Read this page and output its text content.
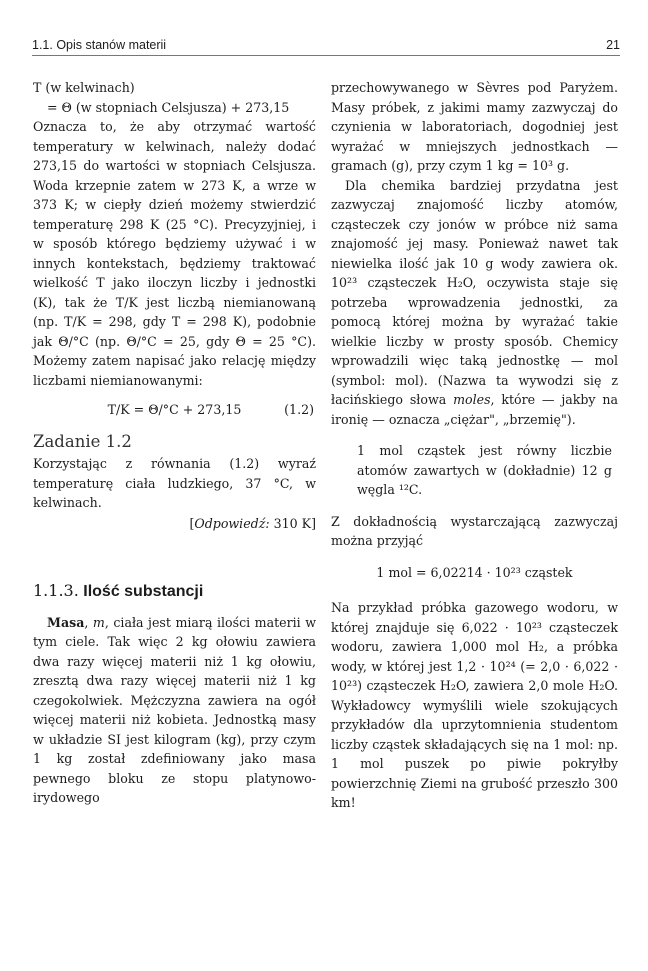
1.1. Opis stanów materii	21

T (w kelwinach)

= Θ (w stopniach Celsjusza) + 273,15

Oznacza to, że aby otrzymać wartość temperatury w kelwinach, należy dodać 273,15 do wartości w stopniach Celsjusza. Woda krzepnie zatem w 273 K, a wrze w 373 K; w ciepły dzień możemy stwierdzić temperaturę 298 K (25 °C). Precyzyjniej, i w sposób którego będziemy używać i w innych kontekstach, będziemy traktować wielkość T jako iloczyn liczby i jednostki (K), tak że T/K jest liczbą niemianowaną (np. T/K = 298, gdy T = 298 K), podobnie jak Θ/°C (np. Θ/°C = 25, gdy Θ = 25 °C). Możemy zatem napisać jako relację między liczbami niemianowanymi:

T/K = Θ/°C + 273,15	(1.2)
Zadanie 1.2

Korzystając z równania (1.2) wyraź temperaturę ciała ludzkiego, 37 °C, w kelwinach.

[Odpowiedź: 310 K]

1.1.3. Ilość substancji

Masa, m, ciała jest miarą ilości materii w tym ciele. Tak więc 2 kg ołowiu zawiera dwa razy więcej materii niż 1 kg ołowiu, zresztą dwa razy więcej materii niż 1 kg czegokolwiek. Mężczyzna zawiera na ogół więcej materii niż kobieta. Jednostką masy w układzie SI jest kilogram (kg), przy czym 1 kg został zdefiniowany jako masa pewnego bloku ze stopu platynowo-irydowego

przechowywanego w Sèvres pod Paryżem. Masy próbek, z jakimi mamy zazwyczaj do czynienia w laboratoriach, dogodniej jest wyrażać w mniejszych jednostkach — gramach (g), przy czym 1 kg = 10³ g.

Dla chemika bardziej przydatna jest zazwyczaj znajomość liczby atomów, cząsteczek czy jonów w próbce niż sama znajomość jej masy. Ponieważ nawet tak niewielka ilość jak 10 g wody zawiera ok. 10²³ cząsteczek H₂O, oczywista staje się potrzeba wprowadzenia jednostki, za pomocą której można by wyrażać takie wielkie liczby w prosty sposób. Chemicy wprowadzili więc taką jednostkę — mol (symbol: mol). (Nazwa ta wywodzi się z łacińskiego słowa moles, które — jakby na ironię — oznacza „ciężar", „brzemię").

1 mol cząstek jest równy liczbie atomów zawartych w (dokładnie) 12 g węgla ¹²C.

Z dokładnością wystarczającą zazwyczaj można przyjąć

1 mol = 6,02214 · 10²³ cząstek

Na przykład próbka gazowego wodoru, w której znajduje się 6,022 · 10²³ cząsteczek wodoru, zawiera 1,000 mol H₂, a próbka wody, w której jest 1,2 · 10²⁴ (= 2,0 · 6,022 · 10²³) cząsteczek H₂O, zawiera 2,0 mole H₂O. Wykładowcy wymyślili wiele szokujących przykładów dla uprzytomnienia studentom liczby cząstek składających się na 1 mol: np. 1 mol puszek po piwie pokryłby powierzchnię Ziemi na grubość przeszło 300 km!
